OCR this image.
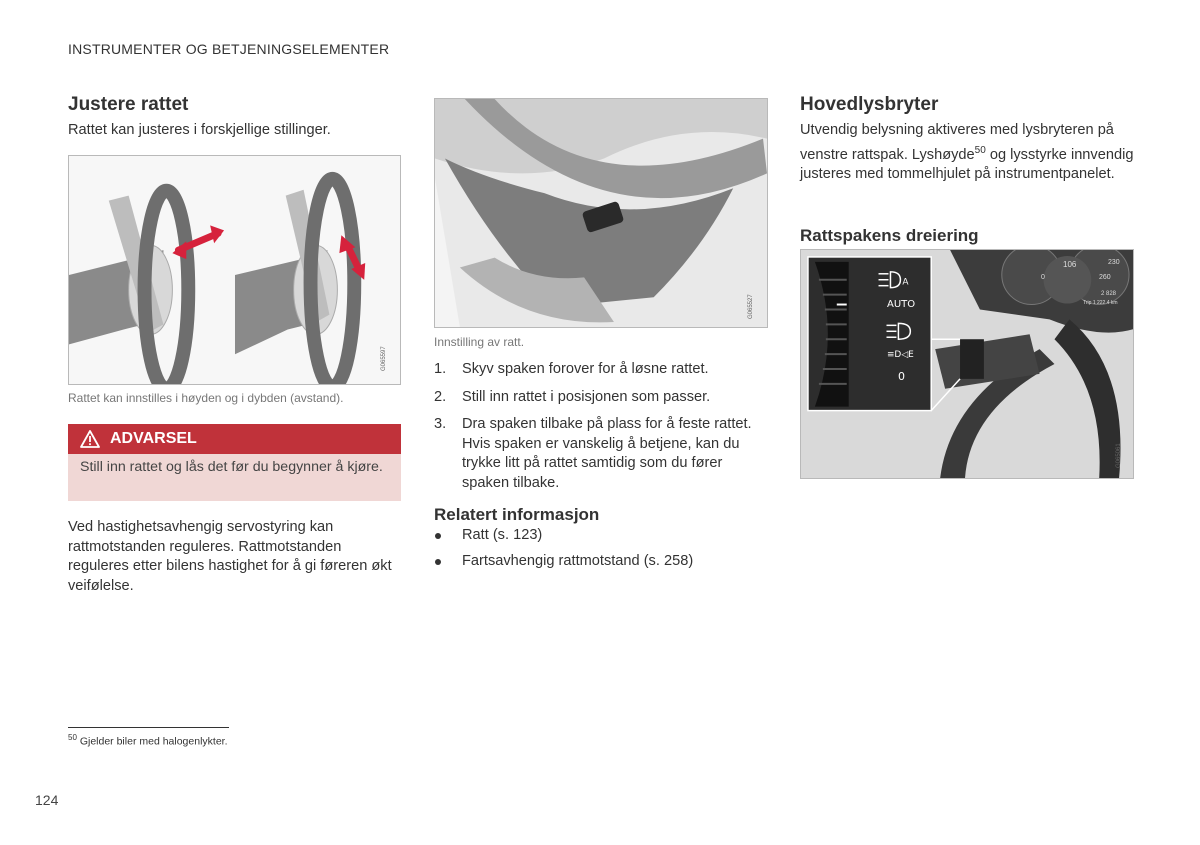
INSTRUMENTER OG BETJENINGSELEMENTER
Justere rattet

Rattet kan justeres i forskjellige stillinger.

G065597
Rattet kan innstilles i høyden og i dybden (avstand).
ADVARSEL
Still inn rattet og lås det før du begynner å kjøre.

Ved hastighetsavhengig servostyring kan rattmotstanden reguleres. Rattmotstanden reguleres etter bilens hastighet for å gi føreren økt veifølelse.

G065527
Innstilling av ratt.
1. Skyv spaken forover for å løsne rattet.
2. Still inn rattet i posisjonen som passer.
3. Dra spaken tilbake på plass for å feste rattet. Hvis spaken er vanskelig å betjene, kan du trykke litt på rattet samtidig som du fører spaken tilbake.
Relatert informasjon
Ratt (s. 123)
Fartsavhengig rattmotstand (s. 258)
Hovedlysbryter

Utvendig belysning aktiveres med lysbryteren på venstre rattspak. Lyshøyde$^{50}$ og lysstyrke innvendig justeres med tommelhjulet på instrumentpanelet.

Rattspakens dreiering
A
≡D◁E
AUTO
0
230
106
0	260
2 828
Trip 1 222.4 km
G065061
$^{50}$ Gjelder biler med halogenlykter.
124
